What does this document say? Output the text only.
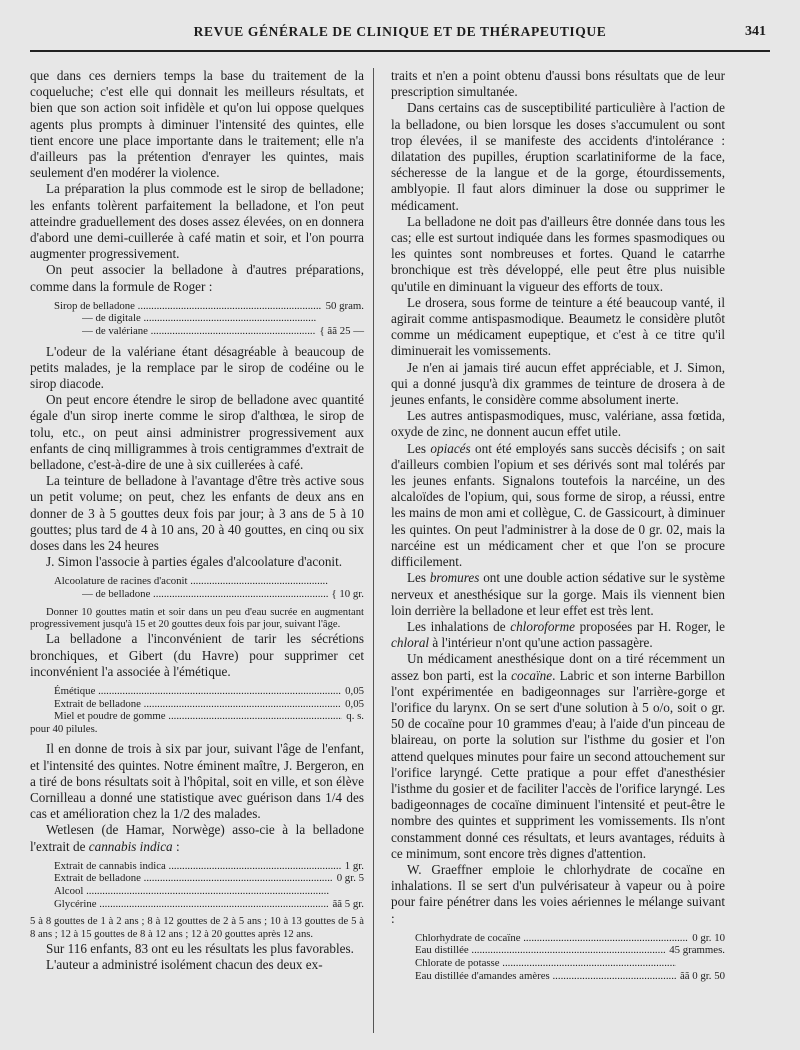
REVUE GÉNÉRALE DE CLINIQUE ET DE THÉRAPEUTIQUE	341

que dans ces derniers temps la base du traitement de la coqueluche; c'est elle qui donnait les meilleurs résultats, et bien que son action soit infidèle et qu'on lui oppose quelques agents plus prompts à diminuer l'intensité des quintes, elle tient encore une place importante dans le traitement; elle n'a d'ailleurs pas la prétention d'enrayer les quintes, mais seulement d'en modérer la violence.

La préparation la plus commode est le sirop de belladone; les enfants tolèrent parfaitement la belladone, et l'on peut atteindre graduellement des doses assez élevées, on en donnera d'abord une demi-cuillerée à café matin et soir, et l'on pourra augmenter progressivement.

On peut associer la belladone à d'autres préparations, comme dans la formule de Roger :

Sirop de belladone .....	50 gram.
— de digitale .....
— de valériane .....	{ ãã 25 —

L'odeur de la valériane étant désagréable à beaucoup de petits malades, je la remplace par le sirop de codéine ou le sirop diacode.

On peut encore étendre le sirop de belladone avec quantité égale d'un sirop inerte comme le sirop d'althœa, le sirop de tolu, etc., on peut ainsi administrer progressivement aux enfants de cinq milligrammes à trois centigrammes d'extrait de belladone, c'est-à-dire de une à six cuillerées à café.

La teinture de belladone à l'avantage d'être très active sous un petit volume; on peut, chez les enfants de deux ans en donner de 3 à 5 gouttes deux fois par jour; à 3 ans de 5 à 10 gouttes; plus tard de 4 à 10 ans, 20 à 40 gouttes, en cinq ou six doses dans les 24 heures

J. Simon l'associe à parties égales d'alcoolature d'aconit.

Alcoolature de racines d'aconit .....
— de belladone .....	{ 10 gr.

Donner 10 gouttes matin et soir dans un peu d'eau sucrée en augmentant progressivement jusqu'à 15 et 20 gouttes deux fois par jour, suivant l'âge.

La belladone a l'inconvénient de tarir les sécrétions bronchiques, et Gibert (du Havre) pour supprimer cet inconvénient l'a associée à l'émétique.

Émétique .....	0,05
Extrait de belladone .....	0,05
Miel et poudre de gomme .....	q. s.
pour 40 pilules.

Il en donne de trois à six par jour, suivant l'âge de l'enfant, et l'intensité des quintes. Notre éminent maître, J. Bergeron, en a tiré de bons résultats soit à l'hôpital, soit en ville, et son élève Cornilleau a donné une statistique avec guérison dans 1/4 des cas et amélioration chez la 1/2 des malades.

Wetlesen (de Hamar, Norwège) asso-cie à la belladone l'extrait de cannabis indica :

Extrait de cannabis indica .....	1 gr.
Extrait de belladone .....	0 gr. 5
Alcool .....
Glycérine .....	ãã 5 gr.

5 à 8 gouttes de 1 à 2 ans ; 8 à 12 gouttes de 2 à 5 ans ; 10 à 13 gouttes de 5 à 8 ans ; 12 à 15 gouttes de 8 à 12 ans ; 12 à 20 gouttes après 12 ans.

Sur 116 enfants, 83 ont eu les résultats les plus favorables.

L'auteur a administré isolément chacun des deux ex-

traits et n'en a point obtenu d'aussi bons résultats que de leur prescription simultanée.

Dans certains cas de susceptibilité particulière à l'action de la belladone, ou bien lorsque les doses s'accumulent ou sont trop élevées, il se manifeste des accidents d'intolérance : dilatation des pupilles, éruption scarlatiniforme de la face, sécheresse de la langue et de la gorge, étourdissements, amblyopie. Il faut alors diminuer la dose ou supprimer le médicament.

La belladone ne doit pas d'ailleurs être donnée dans tous les cas; elle est surtout indiquée dans les formes spasmodiques ou les quintes sont nombreuses et fortes. Quand le catarrhe bronchique est très développé, elle peut être plus nuisible qu'utile en diminuant la vigueur des efforts de toux.

Le drosera, sous forme de teinture a été beaucoup vanté, il agirait comme antispasmodique. Beaumetz le considère plutôt comme un médicament eupeptique, et c'est à ce titre qu'il diminuerait les vomissements.

Je n'en ai jamais tiré aucun effet appréciable, et J. Simon, qui a donné jusqu'à dix grammes de teinture de drosera à de jeunes enfants, le considère comme absolument inerte.

Les autres antispasmodiques, musc, valériane, assa fœtida, oxyde de zinc, ne donnent aucun effet utile.

Les opiacés ont été employés sans succès décisifs ; on sait d'ailleurs combien l'opium et ses dérivés sont mal tolérés par les jeunes enfants. Signalons toutefois la narcéine, un des alcaloïdes de l'opium, qui, sous forme de sirop, a réussi, entre les mains de mon ami et collègue, C. de Gassicourt, à diminuer les quintes. On peut l'administrer à la dose de 0 gr. 02, mais la narcéine est un médicament cher et que l'on se procure difficilement.

Les bromures ont une double action sédative sur le système nerveux et anesthésique sur la gorge. Mais ils viennent bien loin derrière la belladone et leur effet est très lent.

Les inhalations de chloroforme proposées par H. Roger, le chloral à l'intérieur n'ont qu'une action passagère.

Un médicament anesthésique dont on a tiré récemment un assez bon parti, est la cocaïne. Labric et son interne Barbillon l'ont expérimentée en badigeonnages sur l'arrière-gorge et l'orifice du larynx. On se sert d'une solution à 5 o/o, soit o gr. 50 de cocaïne pour 10 grammes d'eau; à l'aide d'un pinceau de blaireau, on porte la solution sur l'isthme du gosier et l'on attend quelques minutes pour faire un second attouchement sur l'orifice laryngé. Cette pratique a pour effet d'anesthésier l'isthme du gosier et de faciliter l'accès de l'orifice laryngé. Les badigeonnages de cocaïne diminuent l'intensité et peut-être le nombre des quintes et suppriment les vomissements. Ils n'ont constamment donné ces résultats, et leurs avantages, réduits à ce minimum, sont encore très dignes d'attention.

W. Graeffner emploie le chlorhydrate de cocaïne en inhalations. Il se sert d'un pulvérisateur à vapeur ou à poire pour faire pénétrer dans les voies aériennes le mélange suivant :

Chlorhydrate de cocaïne .....	0 gr. 10
Eau distillée .....	45 grammes.
Chlorate de potasse .....
Eau distillée d'amandes amères .....	ãã 0 gr. 50
